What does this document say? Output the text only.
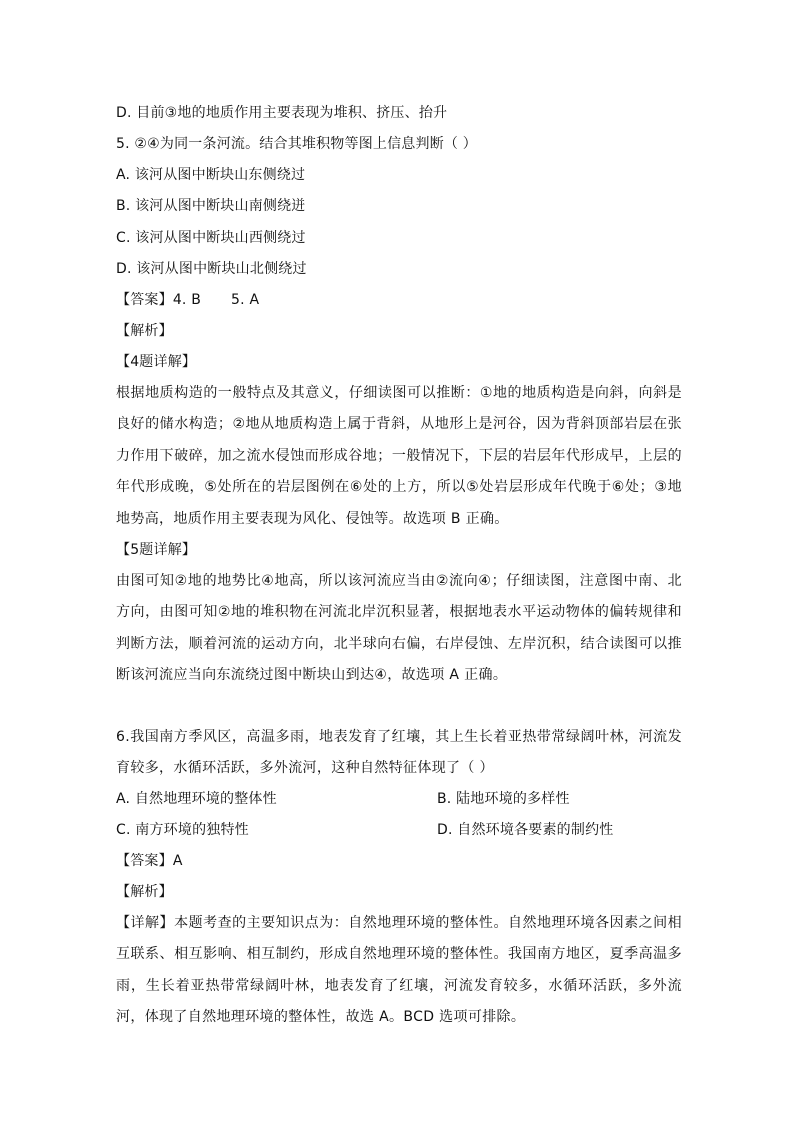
D. 目前③地的地质作用主要表现为堆积、挤压、抬升
5. ②④为同一条河流。结合其堆积物等图上信息判断（ ）
A. 该河从图中断块山东侧绕过
B. 该河从图中断块山南侧绕迸
C. 该河从图中断块山西侧绕过
D. 该河从图中断块山北侧绕过
【答案】4. B 5. A
【解析】
【4题详解】
根据地质构造的一般特点及其意义，仔细读图可以推断：①地的地质构造是向斜，向斜是良好的储水构造；②地从地质构造上属于背斜，从地形上是河谷，因为背斜顶部岩层在张力作用下破碎，加之流水侵蚀而形成谷地；一般情况下，下层的岩层年代形成早，上层的年代形成晚，⑤处所在的岩层图例在⑥处的上方，所以⑤处岩层形成年代晚于⑥处；③地地势高，地质作用主要表现为风化、侵蚀等。故选项 B 正确。
【5题详解】
由图可知②地的地势比④地高，所以该河流应当由②流向④；仔细读图，注意图中南、北方向，由图可知②地的堆积物在河流北岸沉积显著，根据地表水平运动物体的偏转规律和判断方法，顺着河流的运动方向，北半球向右偏，右岸侵蚀、左岸沉积，结合读图可以推断该河流应当向东流绕过图中断块山到达④，故选项 A 正确。
6.我国南方季风区，高温多雨，地表发育了红壤，其上生长着亚热带常绿阔叶林，河流发育较多，水循环活跃，多外流河，这种自然特征体现了（ ）
A. 自然地理环境的整体性	B. 陆地环境的多样性
C. 南方环境的独特性	D. 自然环境各要素的制约性
【答案】A
【解析】
【详解】本题考查的主要知识点为：自然地理环境的整体性。自然地理环境各因素之间相互联系、相互影响、相互制约，形成自然地理环境的整体性。我国南方地区，夏季高温多雨，生长着亚热带常绿阔叶林，地表发育了红壤，河流发育较多，水循环活跃，多外流河，体现了自然地理环境的整体性，故选 A。BCD 选项可排除。
